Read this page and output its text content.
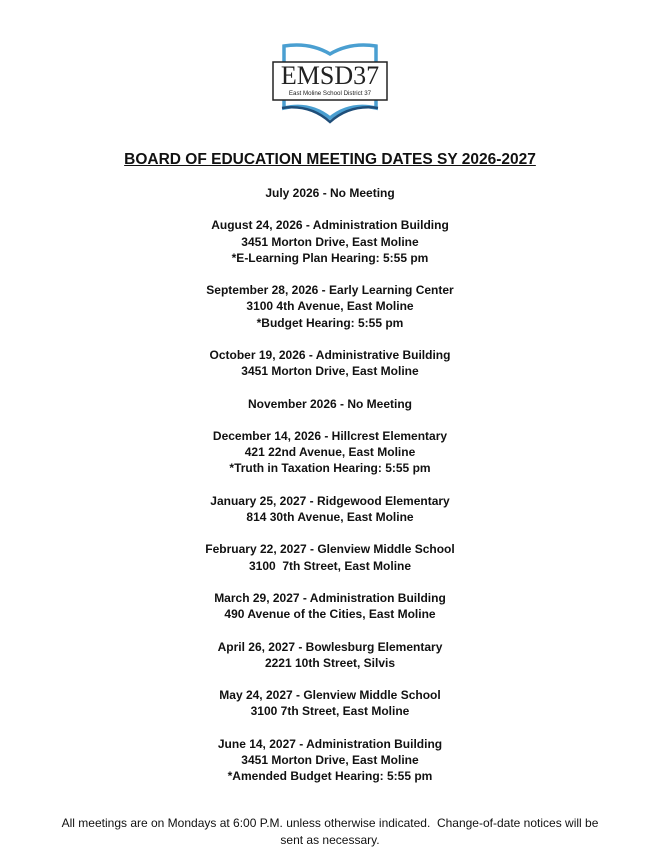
EMSD37
East Moline School District 37
BOARD OF EDUCATION MEETING DATES SY 2026-2027
July 2026 - No Meeting
August 24, 2026 - Administration Building
3451 Morton Drive, East Moline
*E-Learning Plan Hearing: 5:55 pm
September 28, 2026 - Early Learning Center
3100 4th Avenue, East Moline
*Budget Hearing: 5:55 pm
October 19, 2026 - Administrative Building
3451 Morton Drive, East Moline
November 2026 - No Meeting
December 14, 2026 - Hillcrest Elementary
421 22nd Avenue, East Moline
*Truth in Taxation Hearing: 5:55 pm
January 25, 2027 - Ridgewood Elementary
814 30th Avenue, East Moline
February 22, 2027 - Glenview Middle School
3100  7th Street, East Moline
March 29, 2027 - Administration Building
490 Avenue of the Cities, East Moline
April 26, 2027 - Bowlesburg Elementary
2221 10th Street, Silvis
May 24, 2027 - Glenview Middle School
3100 7th Street, East Moline
June 14, 2027 - Administration Building
3451 Morton Drive, East Moline
*Amended Budget Hearing: 5:55 pm
All meetings are on Mondays at 6:00 P.M. unless otherwise indicated.  Change-of-date notices will be
sent as necessary.
